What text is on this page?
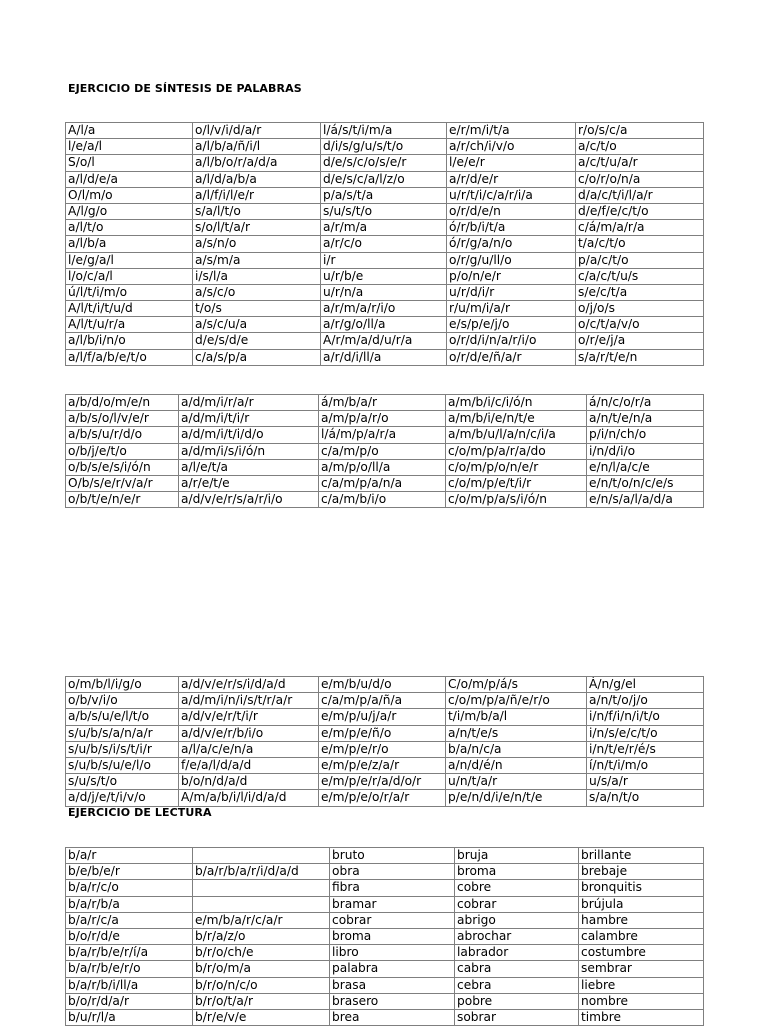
EJERCICIO DE SÍNTESIS DE PALABRAS
A/l/a	o/l/v/i/d/a/r	l/á/s/t/i/m/a	e/r/m/i/t/a	r/o/s/c/a
l/e/a/l	a/l/b/a/ñ/i/l	d/i/s/g/u/s/t/o	a/r/ch/i/v/o	a/c/t/o
S/o/l	a/l/b/o/r/a/d/a	d/e/s/c/o/s/e/r	l/e/e/r	a/c/t/u/a/r
a/l/d/e/a	a/l/d/a/b/a	d/e/s/c/a/l/z/o	a/r/d/e/r	c/o/r/o/n/a
O/l/m/o	a/l/f/i/l/e/r	p/a/s/t/a	u/r/t/i/c/a/r/i/a	d/a/c/t/i/l/a/r
A/l/g/o	s/a/l/t/o	s/u/s/t/o	o/r/d/e/n	d/e/f/e/c/t/o
a/l/t/o	s/o/l/t/a/r	a/r/m/a	ó/r/b/i/t/a	c/á/m/a/r/a
a/l/b/a	a/s/n/o	a/r/c/o	ó/r/g/a/n/o	t/a/c/t/o
l/e/g/a/l	a/s/m/a	i/r	o/r/g/u/ll/o	p/a/c/t/o
l/o/c/a/l	i/s/l/a	u/r/b/e	p/o/n/e/r	c/a/c/t/u/s
ú/l/t/i/m/o	a/s/c/o	u/r/n/a	u/r/d/i/r	s/e/c/t/a
A/l/t/i/t/u/d	t/o/s	a/r/m/a/r/i/o	r/u/m/i/a/r	o/j/o/s
A/l/t/u/r/a	a/s/c/u/a	a/r/g/o/ll/a	e/s/p/e/j/o	o/c/t/a/v/o
a/l/b/i/n/o	d/e/s/d/e	A/r/m/a/d/u/r/a	o/r/d/i/n/a/r/i/o	o/r/e/j/a
a/l/f/a/b/e/t/o	c/a/s/p/a	a/r/d/i/ll/a	o/r/d/e/ñ/a/r	s/a/r/t/e/n
a/b/d/o/m/e/n	a/d/m/i/r/a/r	á/m/b/a/r	a/m/b/i/c/i/ó/n	á/n/c/o/r/a
a/b/s/o/l/v/e/r	a/d/m/i/t/i/r	a/m/p/a/r/o	a/m/b/i/e/n/t/e	a/n/t/e/n/a
a/b/s/u/r/d/o	a/d/m/i/t/i/d/o	l/á/m/p/a/r/a	a/m/b/u/l/a/n/c/i/a	p/i/n/ch/o
o/b/j/e/t/o	a/d/m/i/s/i/ó/n	c/a/m/p/o	c/o/m/p/a/r/a/do	i/n/d/i/o
o/b/s/e/s/i/ó/n	a/l/e/t/a	a/m/p/o/ll/a	c/o/m/p/o/n/e/r	e/n/l/a/c/e
O/b/s/e/r/v/a/r	a/r/e/t/e	c/a/m/p/a/n/a	c/o/m/p/e/t/i/r	e/n/t/o/n/c/e/s
o/b/t/e/n/e/r	a/d/v/e/r/s/a/r/i/o	c/a/m/b/i/o	c/o/m/p/a/s/i/ó/n	e/n/s/a/l/a/d/a
o/m/b/l/i/g/o	a/d/v/e/r/s/i/d/a/d	e/m/b/u/d/o	C/o/m/p/á/s	Á/n/g/el
o/b/v/i/o	a/d/m/i/n/i/s/t/r/a/r	c/a/m/p/a/ñ/a	c/o/m/p/a/ñ/e/r/o	a/n/t/o/j/o
a/b/s/u/e/l/t/o	a/d/v/e/r/t/i/r	e/m/p/u/j/a/r	t/i/m/b/a/l	i/n/f/i/n/i/t/o
s/u/b/s/a/n/a/r	a/d/v/e/r/b/i/o	e/m/p/e/ñ/o	a/n/t/e/s	i/n/s/e/c/t/o
s/u/b/s/i/s/t/i/r	a/l/a/c/e/n/a	e/m/p/e/r/o	b/a/n/c/a	i/n/t/e/r/é/s
s/u/b/s/u/e/l/o	f/e/a/l/d/a/d	e/m/p/e/z/a/r	a/n/d/é/n	í/n/t/i/m/o
s/u/s/t/o	b/o/n/d/a/d	e/m/p/e/r/a/d/o/r	u/n/t/a/r	u/s/a/r
a/d/j/e/t/i/v/o	A/m/a/b/i/l/i/d/a/d	e/m/p/e/o/r/a/r	p/e/n/d/i/e/n/t/e	s/a/n/t/o
EJERCICIO DE LECTURA
b/a/r		bruto	bruja	brillante
b/e/b/e/r	b/a/r/b/a/r/i/d/a/d	obra	broma	brebaje
b/a/r/c/o		fibra	cobre	bronquitis
b/a/r/b/a		bramar	cobrar	brújula
b/a/r/c/a	e/m/b/a/r/c/a/r	cobrar	abrigo	hambre
b/o/r/d/e	b/r/a/z/o	broma	abrochar	calambre
b/a/r/b/e/r/í/a	b/r/o/ch/e	libro	labrador	costumbre
b/a/r/b/e/r/o	b/r/o/m/a	palabra	cabra	sembrar
b/a/r/b/i/ll/a	b/r/o/n/c/o	brasa	cebra	liebre
b/o/r/d/a/r	b/r/o/t/a/r	brasero	pobre	nombre
b/u/r/l/a	b/r/e/v/e	brea	sobrar	timbre
